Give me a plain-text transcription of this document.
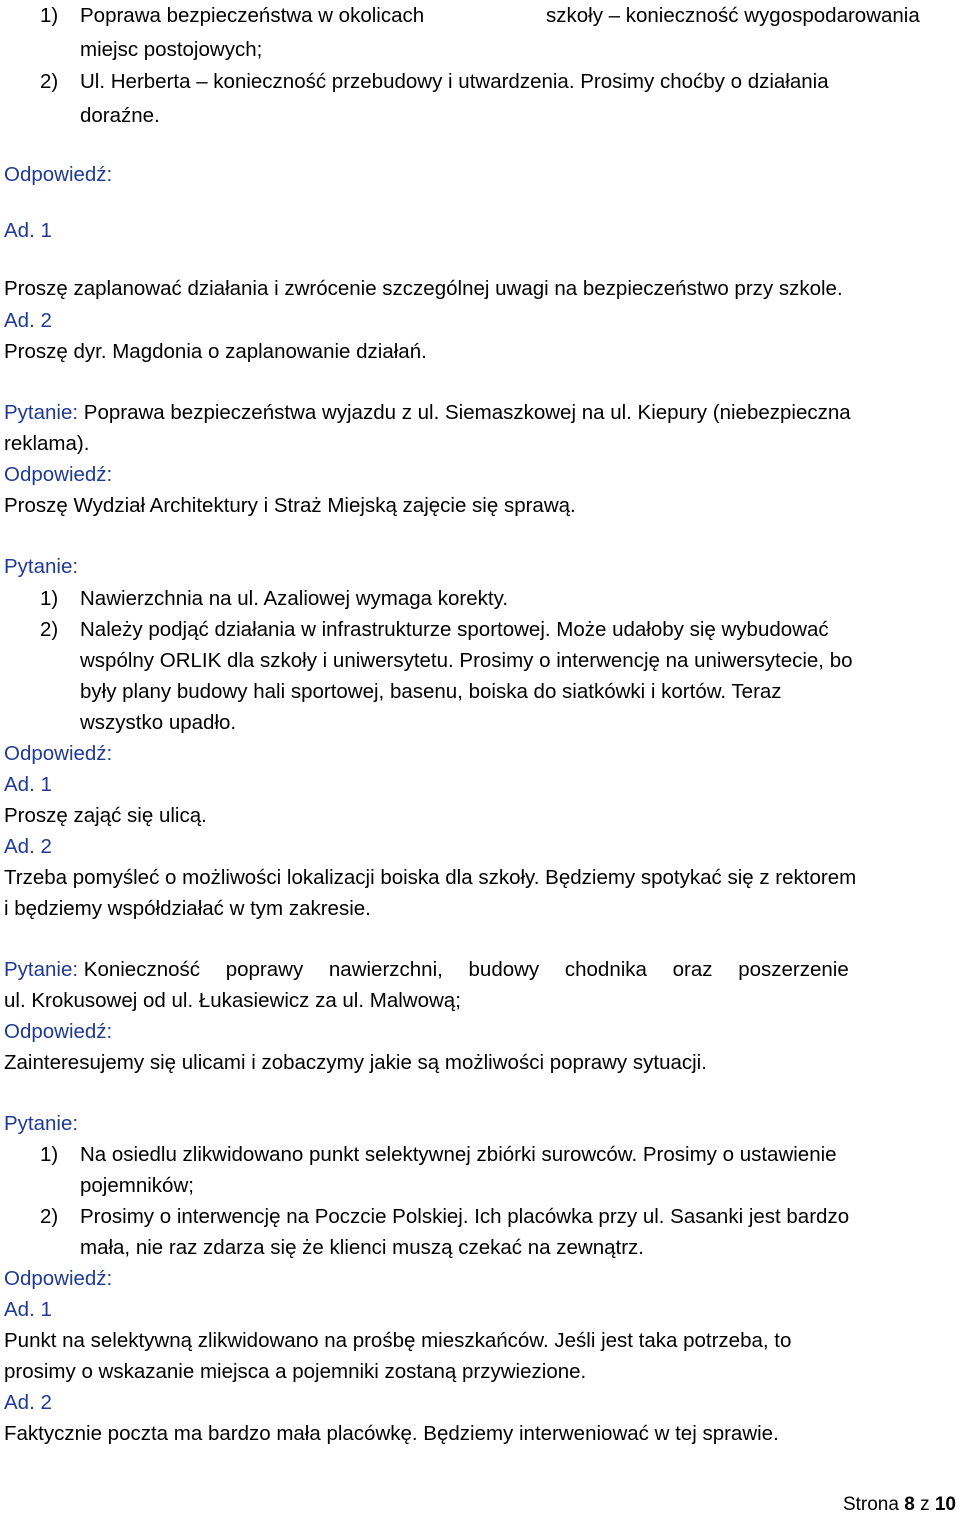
1) Poprawa bezpieczeństwa w okolicach	szkoły – konieczność wygospodarowania
miejsc postojowych;
2) Ul. Herberta – konieczność przebudowy i utwardzenia. Prosimy choćby o działania
doraźne.
Odpowiedź:
Ad. 1
Proszę zaplanować działania i zwrócenie szczególnej uwagi na bezpieczeństwo przy szkole.
Ad. 2
Proszę dyr. Magdonia o zaplanowanie działań.
Pytanie: Poprawa bezpieczeństwa wyjazdu z ul. Siemaszkowej na ul. Kiepury (niebezpieczna
reklama).
Odpowiedź:
Proszę Wydział Architektury i Straż Miejską zajęcie się sprawą.
Pytanie:
1) Nawierzchnia na ul. Azaliowej wymaga korekty.
2) Należy podjąć działania w infrastrukturze sportowej. Może udałoby się wybudować
wspólny ORLIK dla szkoły i uniwersytetu. Prosimy o interwencję na uniwersytecie, bo
były plany budowy hali sportowej, basenu, boiska do siatkówki i kortów. Teraz
wszystko upadło.
Odpowiedź:
Ad. 1
Proszę zająć się ulicą.
Ad. 2
Trzeba pomyśleć o możliwości lokalizacji boiska dla szkoły. Będziemy spotykać się z rektorem
i będziemy współdziałać w tym zakresie.
Pytanie: Konieczność poprawy nawierzchni, budowy chodnika oraz poszerzenie
ul. Krokusowej od ul. Łukasiewicz za ul. Malwową;
Odpowiedź:
Zainteresujemy się ulicami i zobaczymy jakie są możliwości poprawy sytuacji.
Pytanie:
1) Na osiedlu zlikwidowano punkt selektywnej zbiórki surowców. Prosimy o ustawienie
pojemników;
2) Prosimy o interwencję na Poczcie Polskiej. Ich placówka przy ul. Sasanki jest bardzo
mała, nie raz zdarza się że klienci muszą czekać na zewnątrz.
Odpowiedź:
Ad. 1
Punkt na selektywną zlikwidowano na prośbę mieszkańców. Jeśli jest taka potrzeba, to
prosimy o wskazanie miejsca a pojemniki zostaną przywiezione.
Ad. 2
Faktycznie poczta ma bardzo mała placówkę. Będziemy interweniować w tej sprawie.
Strona 8 z 10
